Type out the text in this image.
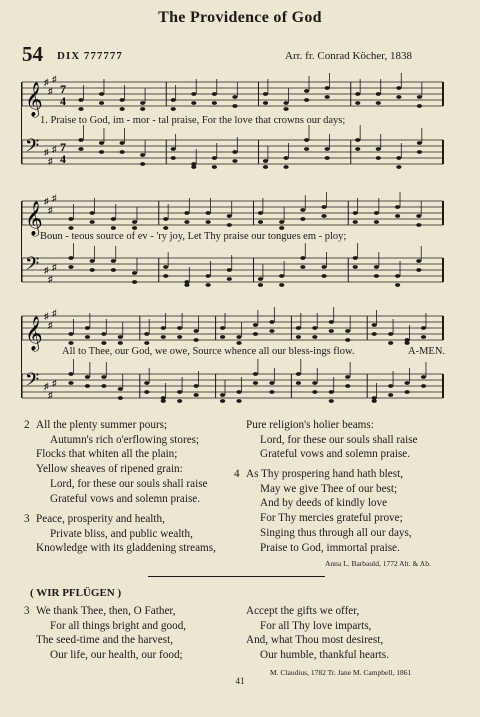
The Providence of God
54 DIX 777777	Arr. fr. Conrad Köcher, 1838
𝄞 ♯
♯
♯
7
4
1. Praise to God, im - mor - tal praise, For the love that crowns our days;
𝄢 ♯
♯
♯ 7
4
𝄞 ♯
♯
♯
Boun - teous source of ev - 'ry joy, Let Thy praise our tongues em - ploy;
𝄢 ♯
♯
♯
𝄞 ♯
♯
♯
All to Thee, our God, we owe, Source whence all our bless-ings flow.	A-MEN.
𝄢 ♯
♯
♯
2 All the plenty summer pours;
Autumn's rich o'erflowing stores;
Flocks that whiten all the plain;
Yellow sheaves of ripened grain:
Lord, for these our souls shall raise
Grateful vows and solemn praise.
3 Peace, prosperity and health,
Private bliss, and public wealth,
Knowledge with its gladdening streams,
Pure religion's holier beams:
Lord, for these our souls shall raise
Grateful vows and solemn praise.
4 As Thy prospering hand hath blest,
May we give Thee of our best;
And by deeds of kindly love
For Thy mercies grateful prove;
Singing thus through all our days,
Praise to God, immortal praise.
Anna L. Barbauld, 1772 Alt. & Ab.
( WIR PFLÜGEN )
3 We thank Thee, then, O Father,
For all things bright and good,
The seed-time and the harvest,
Our life, our health, our food;
Accept the gifts we offer,
For all Thy love imparts,
And, what Thou most desirest,
Our humble, thankful hearts.
M. Claudius, 1782 Tr. Jane M. Campbell, 1861
41
